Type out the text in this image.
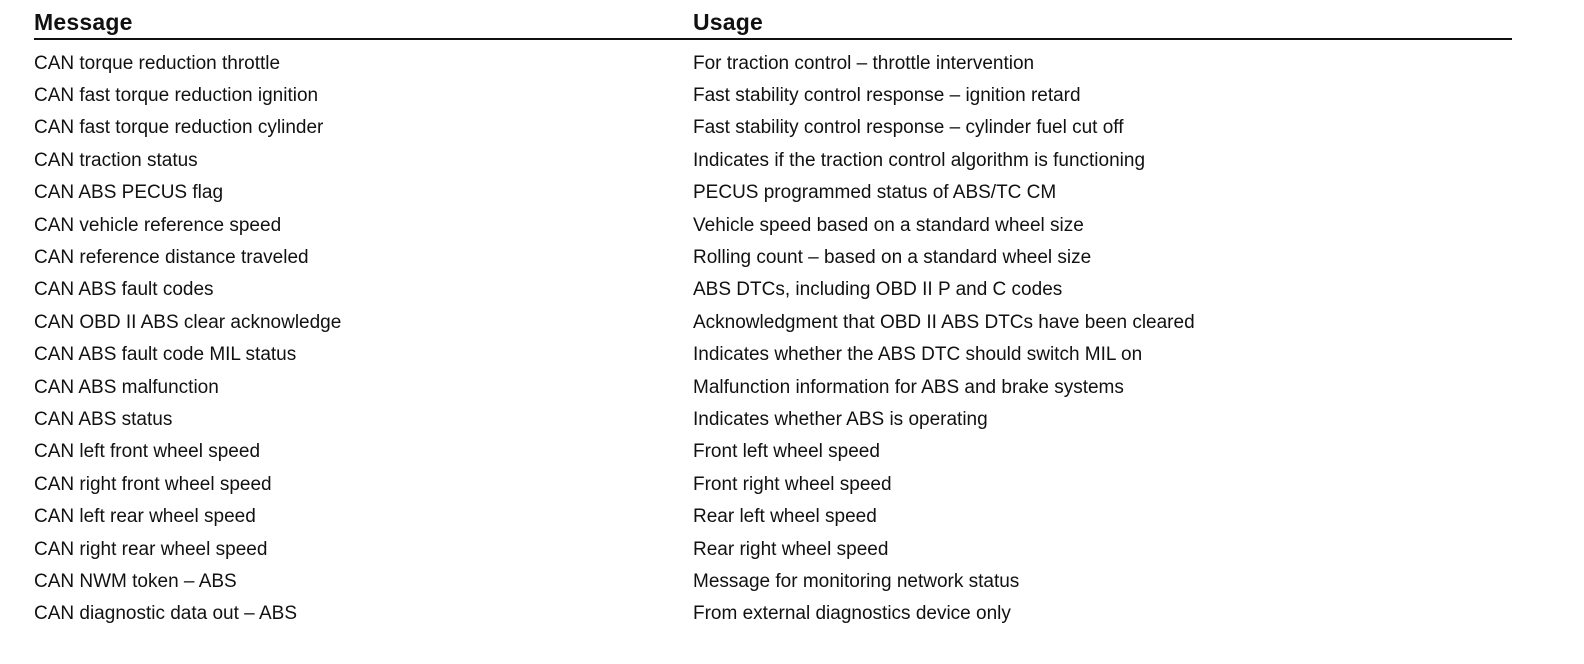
Message	Usage
CAN torque reduction throttle	For traction control – throttle intervention
CAN fast torque reduction ignition	Fast stability control response – ignition retard
CAN fast torque reduction cylinder	Fast stability control response – cylinder fuel cut off
CAN traction status	Indicates if the traction control algorithm is functioning
CAN ABS PECUS flag	PECUS programmed status of ABS/TC CM
CAN vehicle reference speed	Vehicle speed based on a standard wheel size
CAN reference distance traveled	Rolling count – based on a standard wheel size
CAN ABS fault codes	ABS DTCs, including OBD II P and C codes
CAN OBD II ABS clear acknowledge	Acknowledgment that OBD II ABS DTCs have been cleared
CAN ABS fault code MIL status	Indicates whether the ABS DTC should switch MIL on
CAN ABS malfunction	Malfunction information for ABS and brake systems
CAN ABS status	Indicates whether ABS is operating
CAN left front wheel speed	Front left wheel speed
CAN right front wheel speed	Front right wheel speed
CAN left rear wheel speed	Rear left wheel speed
CAN right rear wheel speed	Rear right wheel speed
CAN NWM token – ABS	Message for monitoring network status
CAN diagnostic data out – ABS	From external diagnostics device only
